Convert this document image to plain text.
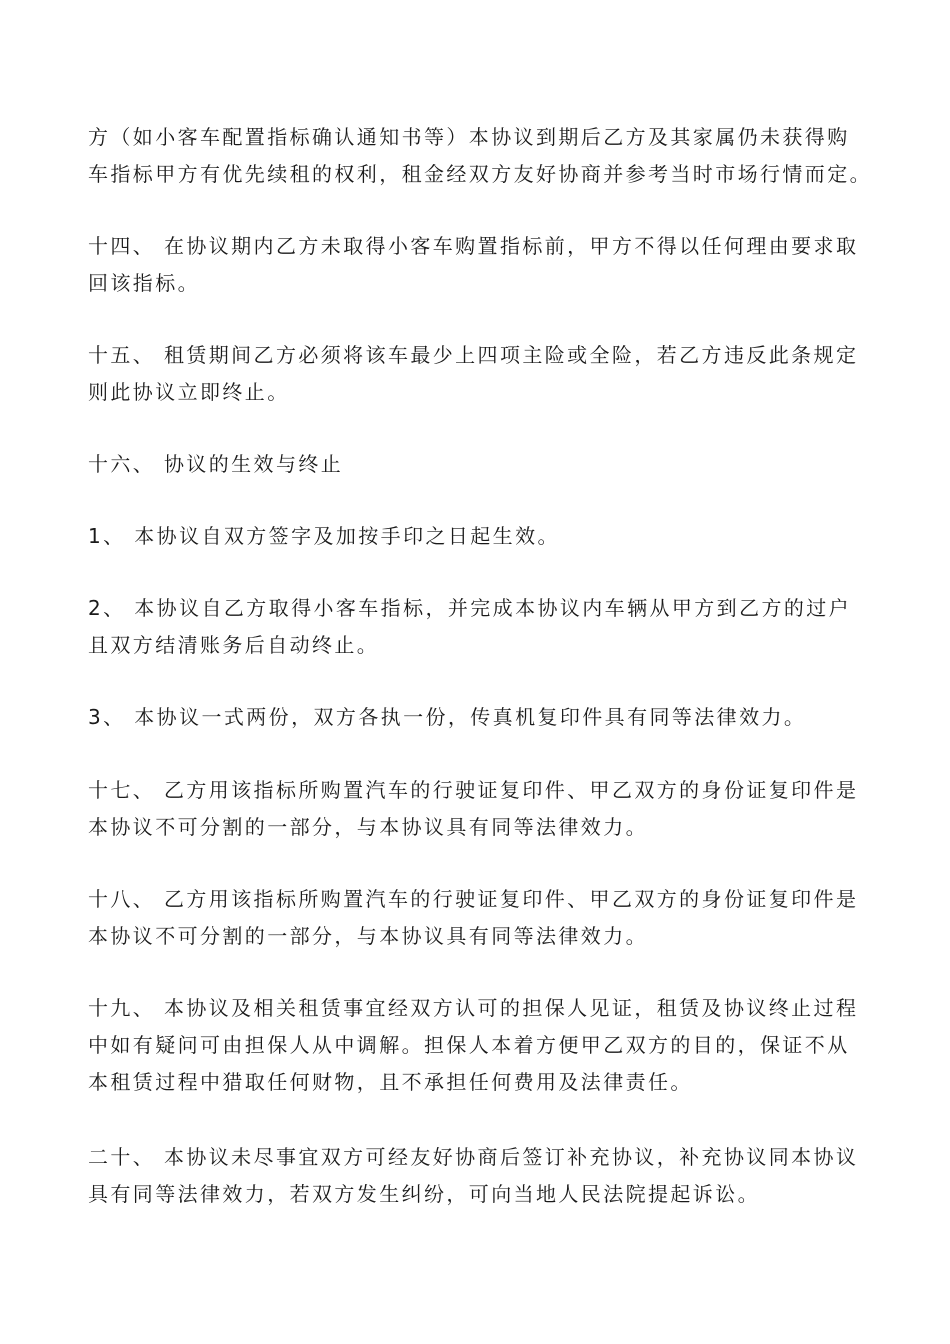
方（如小客车配置指标确认通知书等）本协议到期后乙方及其家属仍未获得购
车指标甲方有优先续租的权利，租金经双方友好协商并参考当时市场行情而定。

十四、 在协议期内乙方未取得小客车购置指标前，甲方不得以任何理由要求取
回该指标。

十五、 租赁期间乙方必须将该车最少上四项主险或全险，若乙方违反此条规定
则此协议立即终止。

十六、 协议的生效与终止

1、 本协议自双方签字及加按手印之日起生效。

2、 本协议自乙方取得小客车指标，并完成本协议内车辆从甲方到乙方的过户
且双方结清账务后自动终止。

3、 本协议一式两份，双方各执一份，传真机复印件具有同等法律效力。

十七、 乙方用该指标所购置汽车的行驶证复印件、甲乙双方的身份证复印件是
本协议不可分割的一部分，与本协议具有同等法律效力。

十八、 乙方用该指标所购置汽车的行驶证复印件、甲乙双方的身份证复印件是
本协议不可分割的一部分，与本协议具有同等法律效力。

十九、 本协议及相关租赁事宜经双方认可的担保人见证，租赁及协议终止过程
中如有疑问可由担保人从中调解。担保人本着方便甲乙双方的目的，保证不从
本租赁过程中猎取任何财物，且不承担任何费用及法律责任。

二十、 本协议未尽事宜双方可经友好协商后签订补充协议，补充协议同本协议
具有同等法律效力，若双方发生纠纷，可向当地人民法院提起诉讼。
